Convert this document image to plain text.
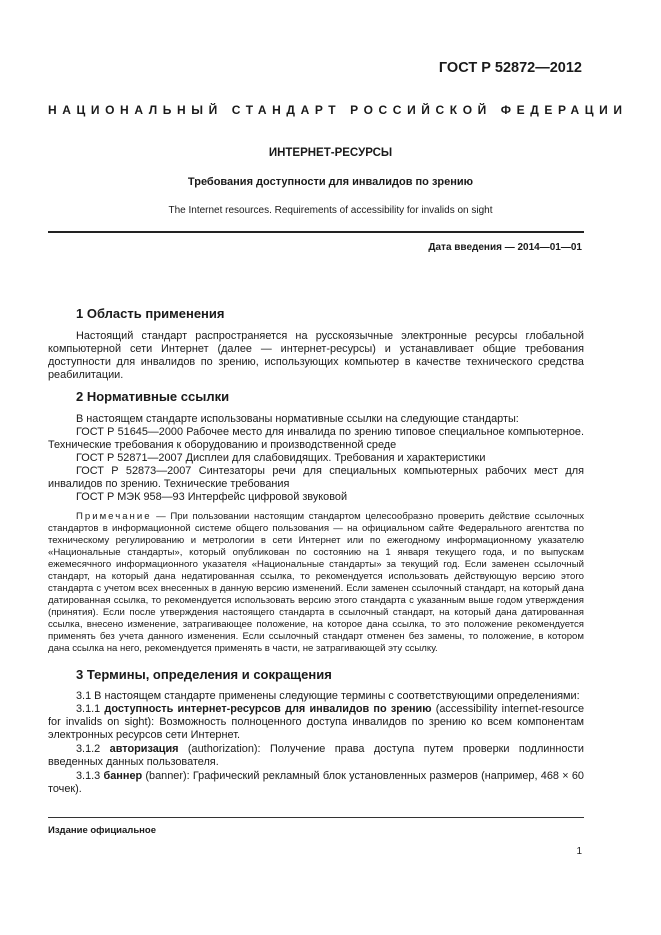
ГОСТ Р 52872—2012
НАЦИОНАЛЬНЫЙ СТАНДАРТ РОССИЙСКОЙ ФЕДЕРАЦИИ
ИНТЕРНЕТ-РЕСУРСЫ
Требования доступности для инвалидов по зрению
The Internet resources. Requirements of accessibility for invalids on sight
Дата введения — 2014—01—01
1 Область применения
Настоящий стандарт распространяется на русскоязычные электронные ресурсы глобальной компьютерной сети Интернет (далее — интернет-ресурсы) и устанавливает общие требования доступности для инвалидов по зрению, использующих компьютер в качестве технического средства реабилитации.
2 Нормативные ссылки
В настоящем стандарте использованы нормативные ссылки на следующие стандарты:
ГОСТ Р 51645—2000 Рабочее место для инвалида по зрению типовое специальное компьютерное. Технические требования к оборудованию и производственной среде
ГОСТ Р 52871—2007 Дисплеи для слабовидящих. Требования и характеристики
ГОСТ Р 52873—2007 Синтезаторы речи для специальных компьютерных рабочих мест для инвалидов по зрению. Технические требования
ГОСТ Р МЭК 958—93 Интерфейс цифровой звуковой
Примечание — При пользовании настоящим стандартом целесообразно проверить действие ссылочных стандартов в информационной системе общего пользования — на официальном сайте Федерального агентства по техническому регулированию и метрологии в сети Интернет или по ежегодному информационному указателю «Национальные стандарты», который опубликован по состоянию на 1 января текущего года, и по выпускам ежемесячного информационного указателя «Национальные стандарты» за текущий год. Если заменен ссылочный стандарт, на который дана недатированная ссылка, то рекомендуется использовать действующую версию этого стандарта с учетом всех внесенных в данную версию изменений. Если заменен ссылочный стандарт, на который дана датированная ссылка, то рекомендуется использовать версию этого стандарта с указанным выше годом утверждения (принятия). Если после утверждения настоящего стандарта в ссылочный стандарт, на который дана датированная ссылка, внесено изменение, затрагивающее положение, на которое дана ссылка, то это положение рекомендуется применять без учета данного изменения. Если ссылочный стандарт отменен без замены, то положение, в котором дана ссылка на него, рекомендуется применять в части, не затрагивающей эту ссылку.
3 Термины, определения и сокращения
3.1 В настоящем стандарте применены следующие термины с соответствующими определениями:
3.1.1 доступность интернет-ресурсов для инвалидов по зрению (accessibility internet-resource for invalids on sight): Возможность полноценного доступа инвалидов по зрению ко всем компонентам электронных ресурсов сети Интернет.
3.1.2 авторизация (authorization): Получение права доступа путем проверки подлинности введенных данных пользователя.
3.1.3 баннер (banner): Графический рекламный блок установленных размеров (например, 468 × 60 точек).
Издание официальное
1
